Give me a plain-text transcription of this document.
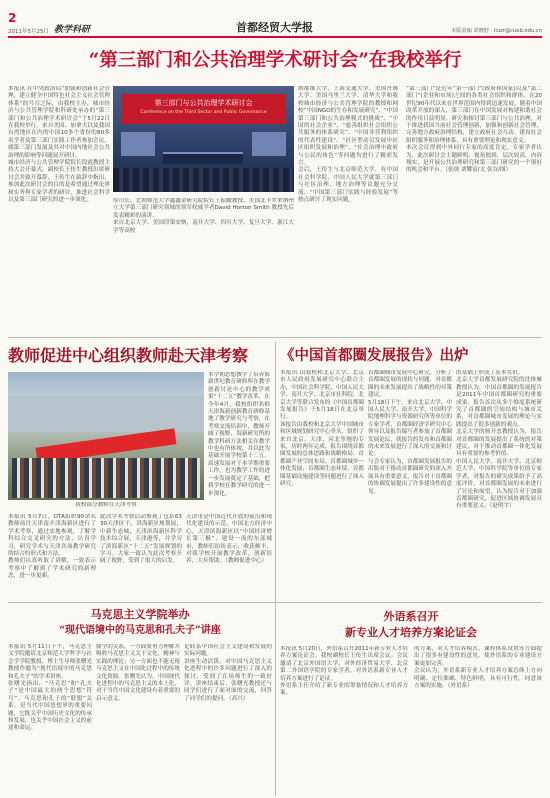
2
2011年5月25日 教学科研	首都经贸大学报	本版责编 刘晓舒 · liuzr@cueb.edu.cn
“第三部门和公共治理学术研讨会”在我校举行
本报讯 在中央政治局“加强和创新社会管理，建立健全中国特色社会主义社会管理体系”的号召之际，由我校主办，城市经济与公共管理学院和科研处承办的“第三部门和公共治理学术研讨会”于5月22日在我校举行。来自美国、加拿大以及我国台湾地区在内的中国10多个省份的80多名学者及第三部门实践工作者参加会议，就第三部门发展及其对中国内地社会公共治理的影响等问题展开研讨。
城市经济与公共管理学院院长段霞教授主持大会开幕式，副校长王传生教授出席研讨会并致开幕辞，王传生在致辞中指出，参加此次研讨会的目的是希望通过理论界和实务界专家学者的研讨，推进社会科学以及第三部门研究的进一步深化。
第三部门与公共治理学术研讨会
Conference on the Third Sector and Public Governance
原司长，北朝师范大学鑫鑫金研究院院长王振耀教授，美国北卡罗来纳州立大学第三部门研究领域的领军权威学者David Horton Smith 教授先后发表精彩的演讲。
来自北京大学、美国印第安纳，南开大学、四川大学、复旦大学、浙江大学等高校
纳都维大学、上海交通大学、美国丹佛大学、美国马里兰大学、清华大学和我校城市经济与公共管理学院的教授和网校“中国NGO的生存和发展研究”、“中国第三部门和公共治理模式的挑战”、“中国的社会企业”、“慈善组织社会组织公共服务的体系研究”、“中国非营利组织的代表性建设”、“社区型动员发展中社区组织发展和治理”、“社会治理中政府与公民的角色”等问题均进行了精彩发言。
会后，王传生与北京师范大学、有中国社会科学院、中国人民大学就第三部门与社区治理、地方治理等议题充分交流，“中国第三部门实践与经验发展”等热点研讨了现实问题。
“第三部门”是近年“第一部门”(政府和国家)以及“第二部门”(企业和市场)之间的各类社会组织和群体。在20世纪90年代以来在世界范围内得到迅速发展。随着中国改革开放的深入，第三部门在中国发展对构建和谐社会的作用日益明显。研究和探讨第三部门与公共治理，对于推进我国当前社会管理创新，加强和创新社会管理、完善地方政府治理结构，建立政府社会互动、建设社会组织服务和治理体系，具有重要理论和现实意义。
本次会议得到中外同行专家的高度肯定，专家学者认为，此次研讨会主题鲜明、视角独到，层次较高，内容翔实，是开展公共治理研究和第三部门研究的一个很好的机会和平台。（张颂 刘耀富/文 张谷/图）
教师促进中心组织教师赴天津考察
我校部分教师在天津考察
本学期思想教学了培养海新世纪教育研修所在教学创新讨论中心的教学成果“十二五”教学改革，在今年4月，我校组织名师天津海新创新教育研修基地了教学研究与考察，在考察交流培训中，教师开阔了视野，海新研究所的教学科研方法相关在教学中也有所体现，并以此为基础开展学校第十二五。高速发展对于本学期重要工作，也为教学工作的进一步发展奠定了基础，把我学校在教学研究的进一步深化。
本报讯 5月7日，OTA组织90余名教师前往天津南开津海新区进行了学术考察，通过实地参观，了解学科综合交叉研究的方法，认真学习，研究学术与天津各项教学研究的结合的形式和方法。
教师们认真听取了讲解，一致表示考察中了解到了学术研究的新理念，进一步更新。
此次学术考察活动参观了包括6330天津区干、讲海新区规划展，中新生态城、天津滨海新区科学技术综合展，天津港等，并学习了滨海新区“十二五”发展规划的学习。大家一致认为此次考察开阔了视野，受到了很大的启发。
天津市是中国近代开放的前沿和现代化建设的示范，中国北方经济中心，天津滨海新区以“中国经济增长第三极”，建设一流的东部城市，教师们纷纷表示，收获颇丰，对我学校开展教学改革，创新培养，大有帮助。（教师促进中心）
《中国首都圈发展报告》出炉
本报讯 由我校和北京大学、北京市人民政府发展研究中心联合主办，中国社会科学院、中国人民大学、南开大学、北京市社科院、北京大学等联合发布的《中国首都圈发展报告》于5月18日在北京举行。
该报告由我校和北京大学中国城市和区域规划研究中心牵头，组织了来自北京、天津、河北等地的专家，历时两年完成。报告围绕首都圈发展的总体思路和战略格局、首都圈产业空间布局、首都圈城乡一体化发展、首都圈生态环境、首都圈基础设施建设等问题进行了深入研究。
首都圈城市发展中心研究，分析了首都圈发展的现状与问题，对首都圈的未来发展提出了战略性的对策建议。
5月18日下午，来自北京大学、中国人民大学、南开大学、中国科学院地理科学与资源研究所等单位的专家学者，首都圈经济学研究中心领导以及报告编写者参加了首都圈发展论坛，就报告的发布和首都圈的未来发展进行了深入的交流和讨论。
与会专家认为，首都圈发展报告的出版对于推动首都圈研究的深入开展具有重要意义，报告对于首都圈的协调发展提出了许多建设性的意见。
的基础上形成了基本共识。
北京大学首都发展研究院的沈体雁教授认为，中国首都圈的发展报告是2011年中国首都圈研究的重要成果。报告首次从多个维度系统研究了首都圈的空间结构与城市关系，对首都圈城市发展的理论与实践提出了很多创新的观点。
北京大学的杨开忠教授认为，报告对首都圈的发展提出了系统的对策建议，对于推动首都圈一体化发展具有重要的参考价值。
中国人民大学、南开大学、北京师范大学、中国科学院等单位的专家学者，对报告的研究成果给予了高度评价，对首都圈发展的未来进行了讨论和展望，认为报告对于加强首都圈研究，促进区域协调发展具有重要意义。（赵明宇）
马克思主义学院举办
“现代语境中的马克思和孔夫子”讲座
本报讯 5月11日下午，马克思主义学院邀请北京师范大学哲学与社会学学院教授、博士生导师张曙光教授作题为“现代语境中的马克思和孔夫子”的学术讲座。
张曙光指出，“马克思”和“孔夫子”是中国最大的两个思想“符号”。马克思和孔子的“联盟”关系，是当代中国思想界的重要问题，它既关乎中国历史文化的传承和发展，也关乎中国社会主义的前途和命运。
儒学的关系，一方面要努力理解并吸收马克思主义关于文化、精神与实践的理论；另一方面也不能无视马克思主义在中国化过程中的传统文化资源。张曙光认为，中国现代化进程中的马克思主义的本土化，对于当代中国文化建设有着重要的启示意义。
论联系中国社会主义建设和发展的实际问题。
讲座生动活泼，对中国马克思主义化进程中的许多问题进行了深入的探讨，受到了在场师生的一致好评。讲座结束后，张曙光教授还与同学们进行了面对面的交流，回答了同学们的提问。（高兴）
外语系召开
新专业人才培养方案论证会
本报讯 5月20日，外语系召开2011年新专业人才培养方案论证会。我校副校长王传生出席会议。会议邀请了北京外国语大学、对外经济贸易大学、北京第二外国语学院的专家学者，对外语系新专业人才培养方案进行了论证。
外语系主任介绍了新专业的筹备情况和人才培养方案。
的方案，对人才培养模式、课程体系设置等方面提出了很多有建设性的意见，使外语系的专业建设方案更加完善。
会议认为，外语系新专业人才培养方案总体上方向明确、定位准确、特色鲜明，具有可行性，同意该方案的实施。（外语系）
